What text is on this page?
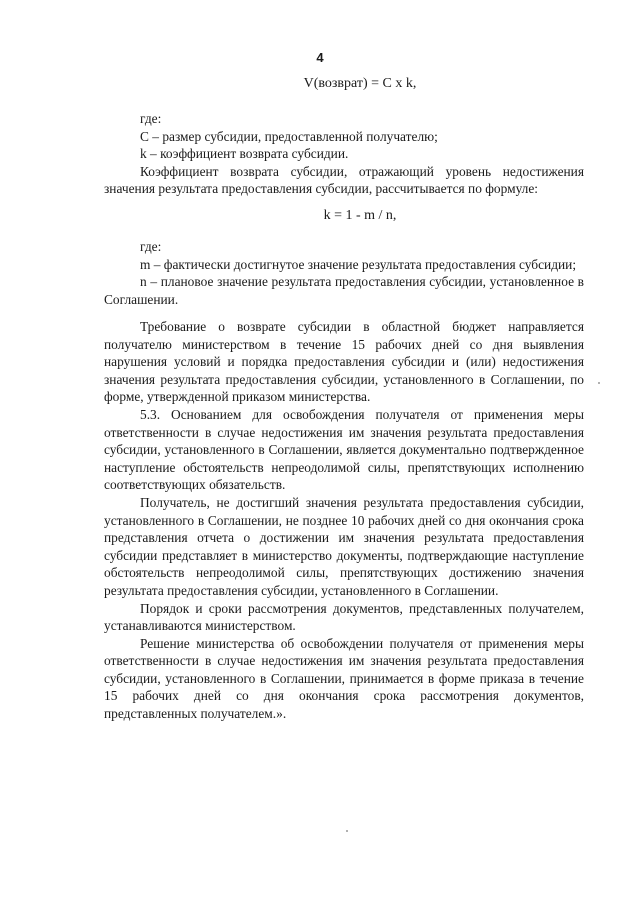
4
V(возврат) = C x k,

где:

C – размер субсидии, предоставленной получателю;

k – коэффициент возврата субсидии.

Коэффициент возврата субсидии, отражающий уровень недостижения значения результата предоставления субсидии, рассчитывается по формуле:

k = 1 - m / n,

где:

m – фактически достигнутое значение результата предоставления субсидии;

n – плановое значение результата предоставления субсидии, установленное в Соглашении.

Требование о возврате субсидии в областной бюджет направляется получателю министерством в течение 15 рабочих дней со дня выявления нарушения условий и порядка предоставления субсидии и (или) недостижения значения результата предоставления субсидии, установленного в Соглашении, по форме, утвержденной приказом министерства.

5.3. Основанием для освобождения получателя от применения меры ответственности в случае недостижения им значения результата предоставления субсидии, установленного в Соглашении, является документально подтвержденное наступление обстоятельств непреодолимой силы, препятствующих исполнению соответствующих обязательств.

Получатель, не достигший значения результата предоставления субсидии, установленного в Соглашении, не позднее 10 рабочих дней со дня окончания срока представления отчета о достижении им значения результата предоставления субсидии представляет в министерство документы, подтверждающие наступление обстоятельств непреодолимой силы, препятствующих достижению значения результата предоставления субсидии, установленного в Соглашении.

Порядок и сроки рассмотрения документов, представленных получателем, устанавливаются министерством.

Решение министерства об освобождении получателя от применения меры ответственности в случае недостижения им значения результата предоставления субсидии, установленного в Соглашении, принимается в форме приказа в течение 15 рабочих дней со дня окончания срока рассмотрения документов, представленных получателем.».
